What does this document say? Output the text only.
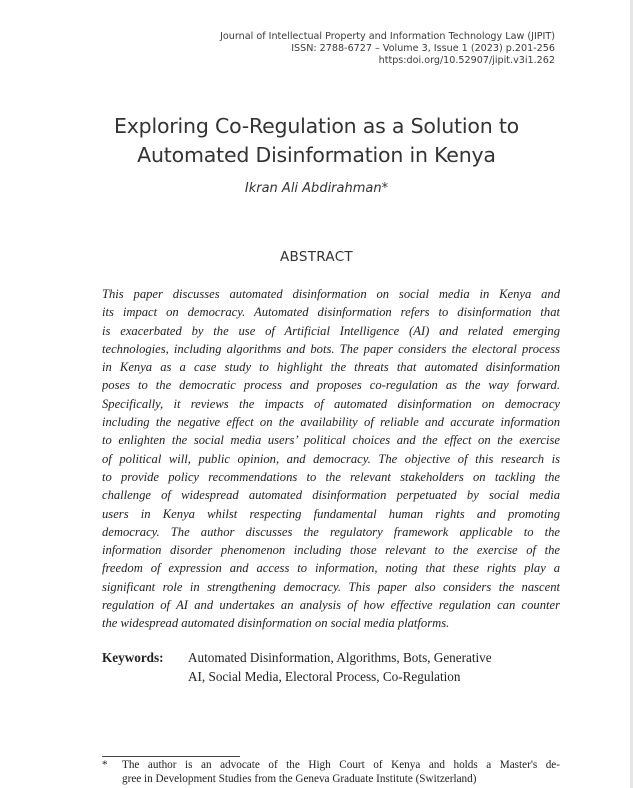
Journal of Intellectual Property and Information Technology Law (JIPIT)
ISSN: 2788-6727 – Volume 3, Issue 1 (2023) p.201-256
https:doi.org/10.52907/jipit.v3i1.262
Exploring Co-Regulation as a Solution to
Automated Disinformation in Kenya
Ikran Ali Abdirahman*
ABSTRACT
This paper discusses automated disinformation on social media in Kenya and
its impact on democracy. Automated disinformation refers to disinformation that
is exacerbated by the use of Artificial Intelligence (AI) and related emerging
technologies, including algorithms and bots. The paper considers the electoral process
in Kenya as a case study to highlight the threats that automated disinformation
poses to the democratic process and proposes co-regulation as the way forward.
Specifically, it reviews the impacts of automated disinformation on democracy
including the negative effect on the availability of reliable and accurate information
to enlighten the social media users’ political choices and the effect on the exercise
of political will, public opinion, and democracy. The objective of this research is
to provide policy recommendations to the relevant stakeholders on tackling the
challenge of widespread automated disinformation perpetuated by social media
users in Kenya whilst respecting fundamental human rights and promoting
democracy. The author discusses the regulatory framework applicable to the
information disorder phenomenon including those relevant to the exercise of the
freedom of expression and access to information, noting that these rights play a
significant role in strengthening democracy. This paper also considers the nascent
regulation of AI and undertakes an analysis of how effective regulation can counter
the widespread automated disinformation on social media platforms.
Keywords: Automated Disinformation, Algorithms, Bots, Generative
AI, Social Media, Electoral Process, Co-Regulation
* The author is an advocate of the High Court of Kenya and holds a Master's de-
gree in Development Studies from the Geneva Graduate Institute (Switzerland)
